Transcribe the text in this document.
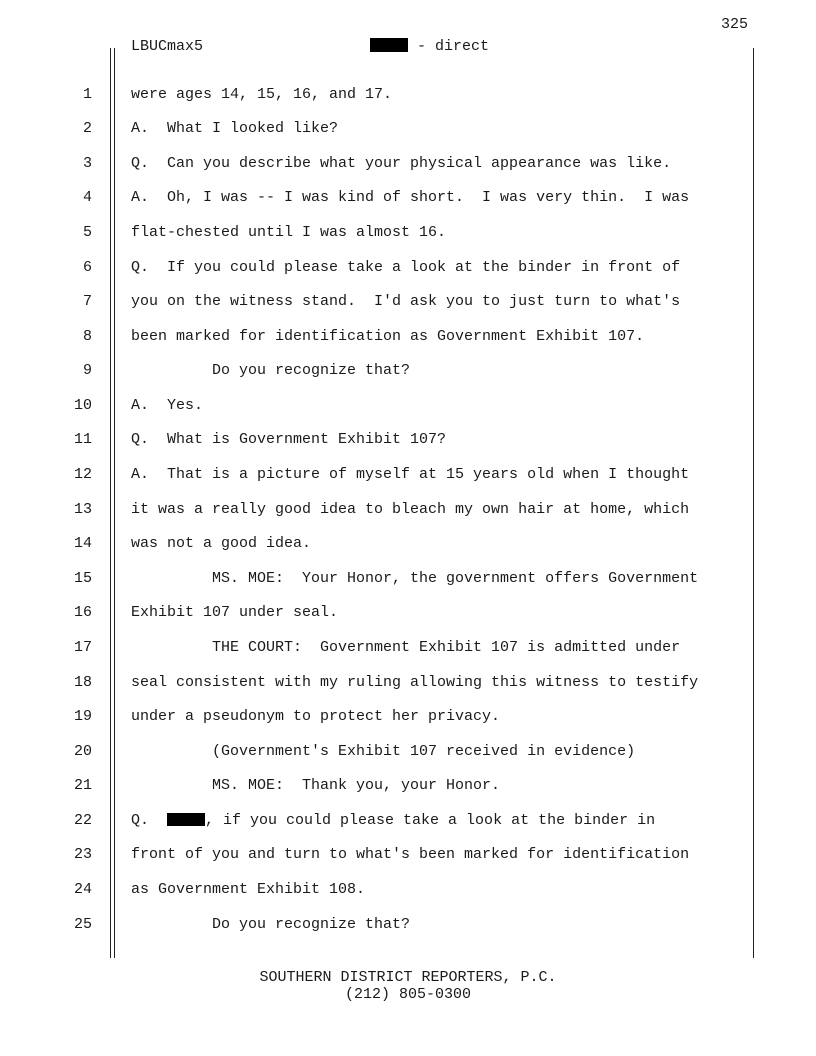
325
LBUCmax5	- direct
1	were ages 14, 15, 16, and 17.
2	A.  What I looked like?
3	Q.  Can you describe what your physical appearance was like.
4	A.  Oh, I was -- I was kind of short.  I was very thin.  I was
5	flat-chested until I was almost 16.
6	Q.  If you could please take a look at the binder in front of
7	you on the witness stand.  I'd ask you to just turn to what's
8	been marked for identification as Government Exhibit 107.
9	Do you recognize that?
10	A.  Yes.
11	Q.  What is Government Exhibit 107?
12	A.  That is a picture of myself at 15 years old when I thought
13	it was a really good idea to bleach my own hair at home, which
14	was not a good idea.
15	MS. MOE:  Your Honor, the government offers Government
16	Exhibit 107 under seal.
17	THE COURT:  Government Exhibit 107 is admitted under
18	seal consistent with my ruling allowing this witness to testify
19	under a pseudonym to protect her privacy.
20	(Government's Exhibit 107 received in evidence)
21	MS. MOE:  Thank you, your Honor.
22	Q.	, if you could please take a look at the binder in
23	front of you and turn to what's been marked for identification
24	as Government Exhibit 108.
25	Do you recognize that?
SOUTHERN DISTRICT REPORTERS, P.C.
(212) 805-0300
